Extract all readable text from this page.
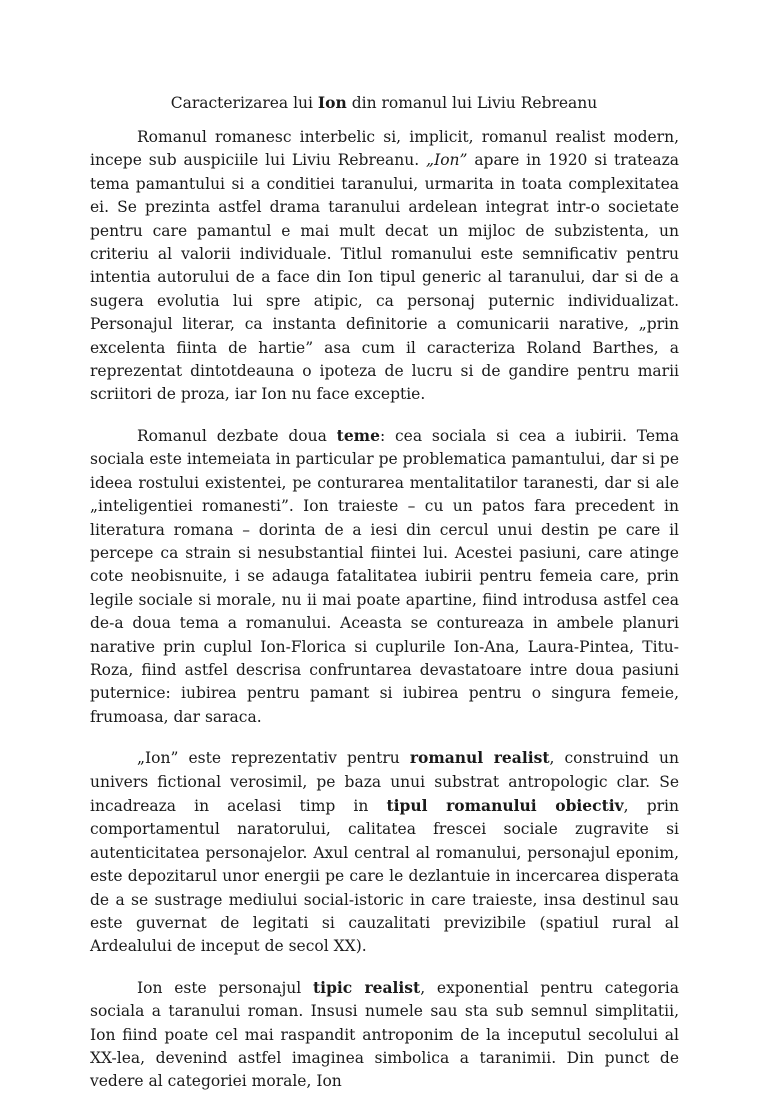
Caracterizarea lui Ion din romanul lui Liviu Rebreanu

Romanul romanesc interbelic si, implicit, romanul realist modern, incepe sub auspiciile lui Liviu Rebreanu. „Ion” apare in 1920 si trateaza tema pamantului si a conditiei taranului, urmarita in toata complexitatea ei. Se prezinta astfel drama taranului ardelean integrat intr-o societate pentru care pamantul e mai mult decat un mijloc de subzistenta, un criteriu al valorii individuale. Titlul romanului este semnificativ pentru intentia autorului de a face din Ion tipul generic al taranului, dar si de a sugera evolutia lui spre atipic, ca personaj puternic individualizat. Personajul literar, ca instanta definitorie a comunicarii narative, „prin excelenta fiinta de hartie” asa cum il caracteriza Roland Barthes, a reprezentat dintotdeauna o ipoteza de lucru si de gandire pentru marii scriitori de proza, iar Ion nu face exceptie.

Romanul dezbate doua teme: cea sociala si cea a iubirii. Tema sociala este intemeiata in particular pe problematica pamantului, dar si pe ideea rostului existentei, pe conturarea mentalitatilor taranesti, dar si ale „inteligentiei romanesti”. Ion traieste – cu un patos fara precedent in literatura romana – dorinta de a iesi din cercul unui destin pe care il percepe ca strain si nesubstantial fiintei lui. Acestei pasiuni, care atinge cote neobisnuite, i se adauga fatalitatea iubirii pentru femeia care, prin legile sociale si morale, nu ii mai poate apartine, fiind introdusa astfel cea de-a doua tema a romanului. Aceasta se contureaza in ambele planuri narative prin cuplul Ion-Florica si cuplurile Ion-Ana, Laura-Pintea, Titu-Roza, fiind astfel descrisa confruntarea devastatoare intre doua pasiuni puternice: iubirea pentru pamant si iubirea pentru o singura femeie, frumoasa, dar saraca.

„Ion” este reprezentativ pentru romanul realist, construind un univers fictional verosimil, pe baza unui substrat antropologic clar. Se incadreaza in acelasi timp in tipul romanului obiectiv, prin comportamentul naratorului, calitatea frescei sociale zugravite si autenticitatea personajelor. Axul central al romanului, personajul eponim, este depozitarul unor energii pe care le dezlantuie in incercarea disperata de a se sustrage mediului social-istoric in care traieste, insa destinul sau este guvernat de legitati si cauzalitati previzibile (spatiul rural al Ardealului de inceput de secol XX).

Ion este personajul tipic realist, exponential pentru categoria sociala a taranului roman. Insusi numele sau sta sub semnul simplitatii, Ion fiind poate cel mai raspandit antroponim de la inceputul secolului al XX-lea, devenind astfel imaginea simbolica a taranimii. Din punct de vedere al categoriei morale, Ion
